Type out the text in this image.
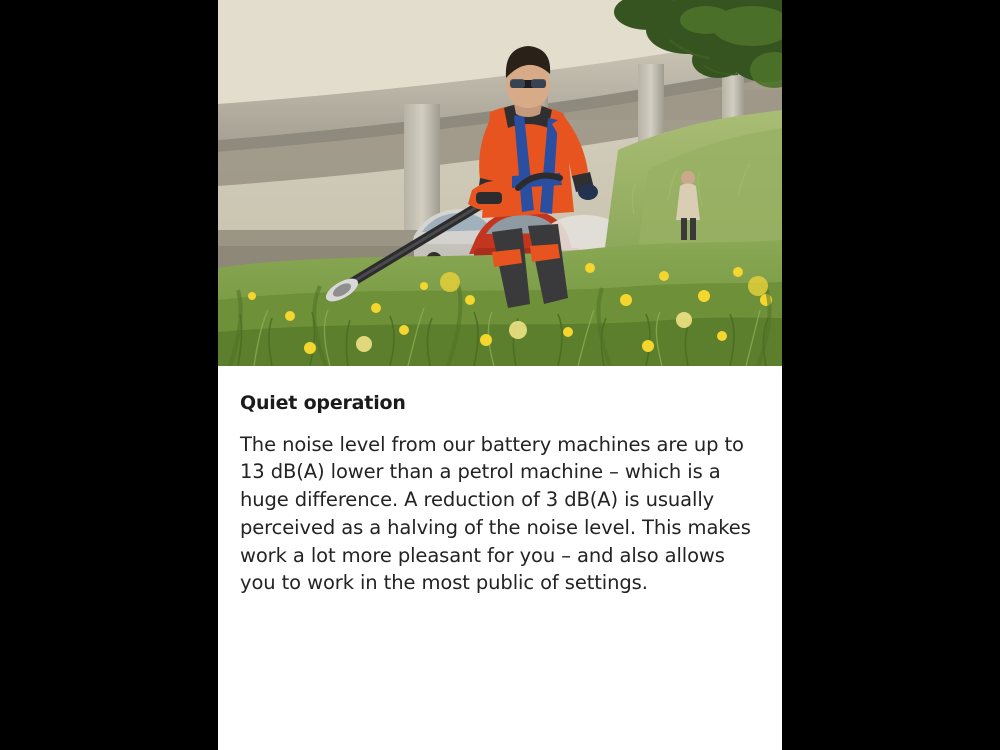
Quiet operation

The noise level from our battery machines are up to 13 dB(A) lower than a petrol machine – which is a huge difference. A reduction of 3 dB(A) is usually perceived as a halving of the noise level. This makes work a lot more pleasant for you – and also allows you to work in the most public of settings.
